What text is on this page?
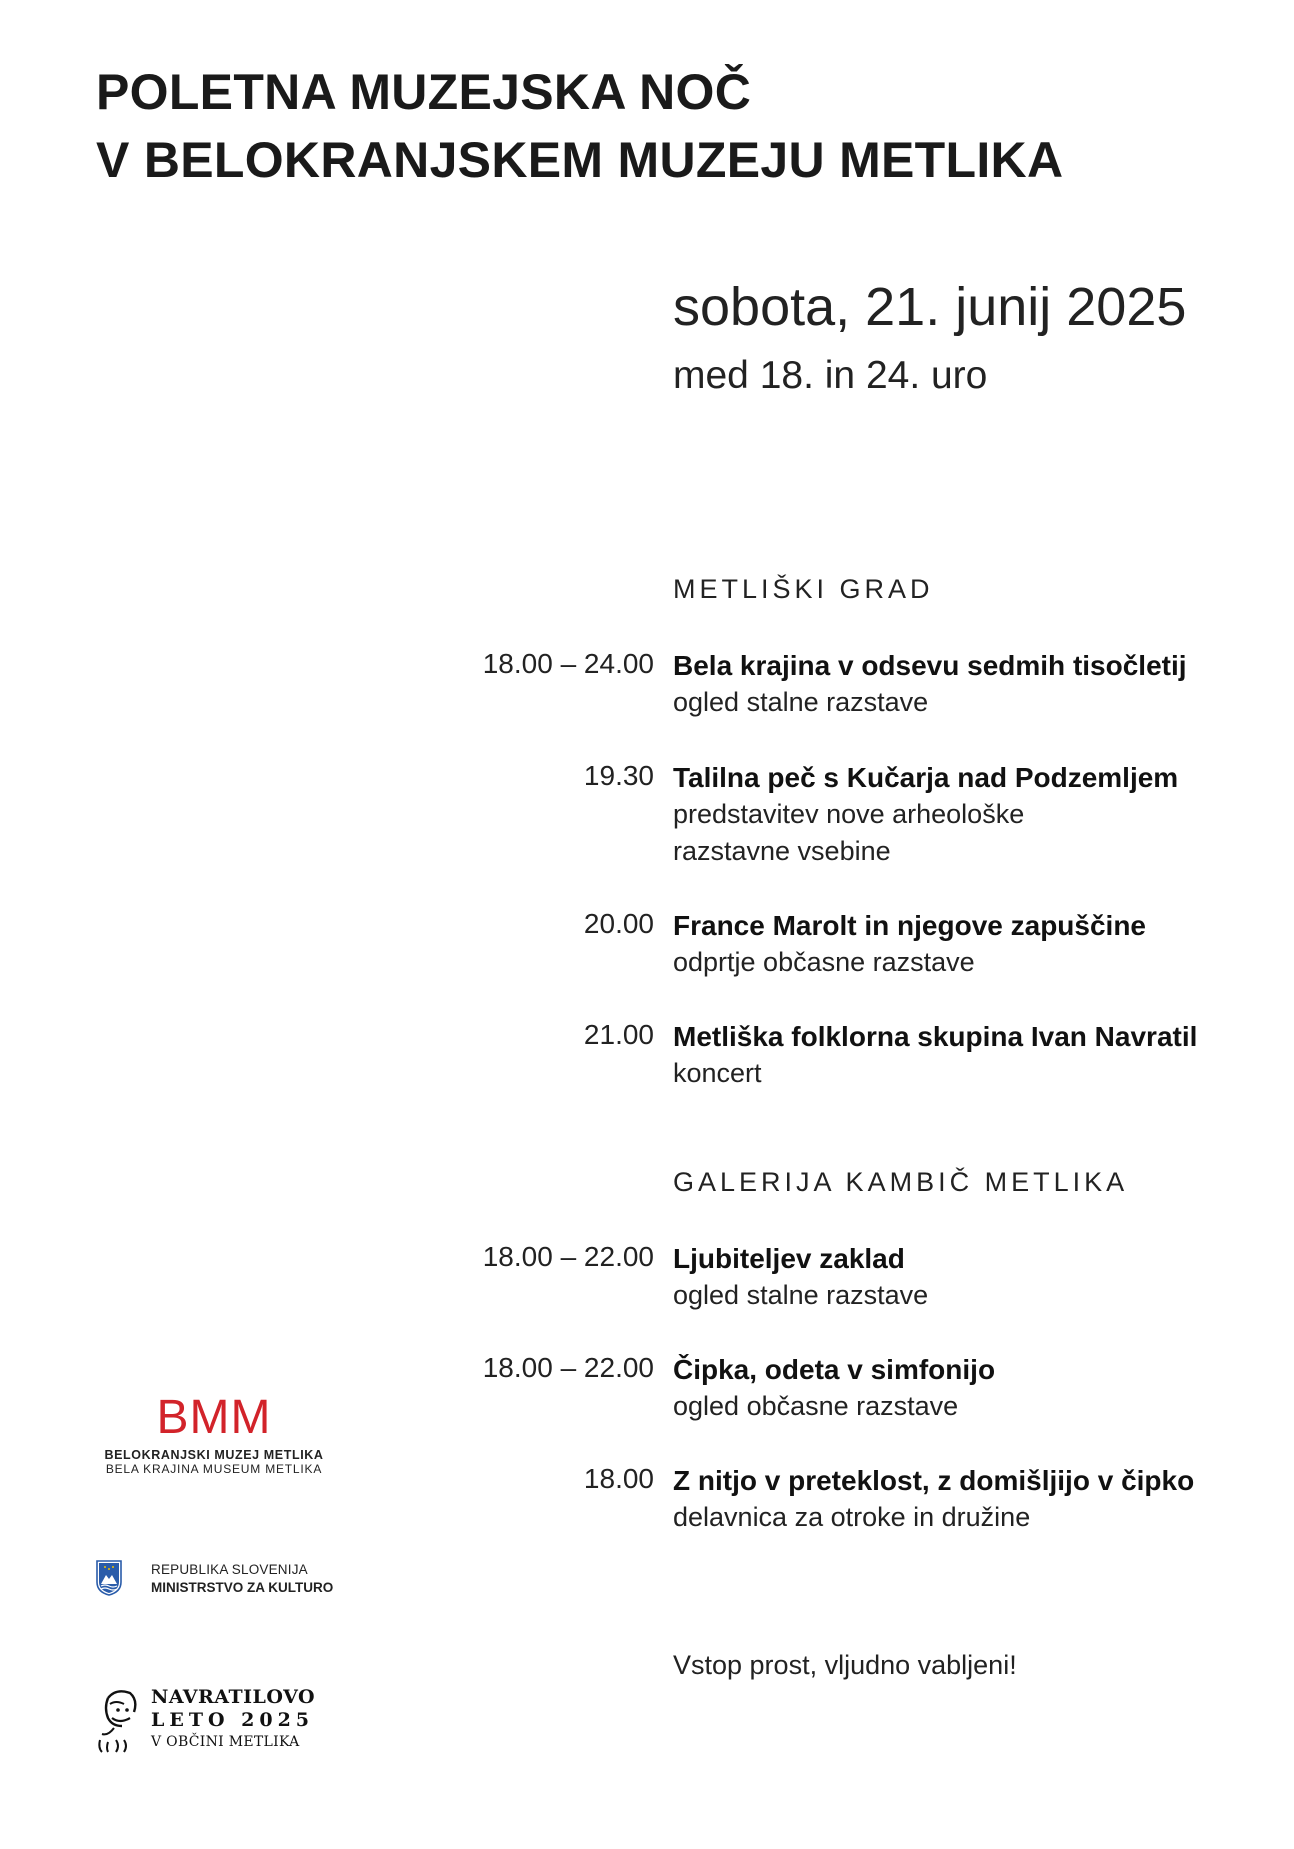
POLETNA MUZEJSKA NOČ
V BELOKRANJSKEM MUZEJU METLIKA
sobota, 21. junij 2025
med 18. in 24. uro
METLIŠKI GRAD
18.00 – 24.00 Bela krajina v odsevu sedmih tisočletij
ogled stalne razstave
19.30 Talilna peč s Kučarja nad Podzemljem
predstavitev nove arheološke
razstavne vsebine
20.00 France Marolt in njegove zapuščine
odprtje občasne razstave
21.00 Metliška folklorna skupina Ivan Navratil
koncert
GALERIJA KAMBIČ METLIKA
18.00 – 22.00 Ljubiteljev zaklad
ogled stalne razstave
18.00 – 22.00 Čipka, odeta v simfonijo
ogled občasne razstave
18.00 Z nitjo v preteklost, z domišljijo v čipko
delavnica za otroke in družine
Vstop prost, vljudno vabljeni!
BMM
BELOKRANJSKI MUZEJ METLIKA
BELA KRAJINA MUSEUM METLIKA
REPUBLIKA SLOVENIJA
MINISTRSTVO ZA KULTURO
NAVRATILOVO
LETO 2025
V OBČINI METLIKA
